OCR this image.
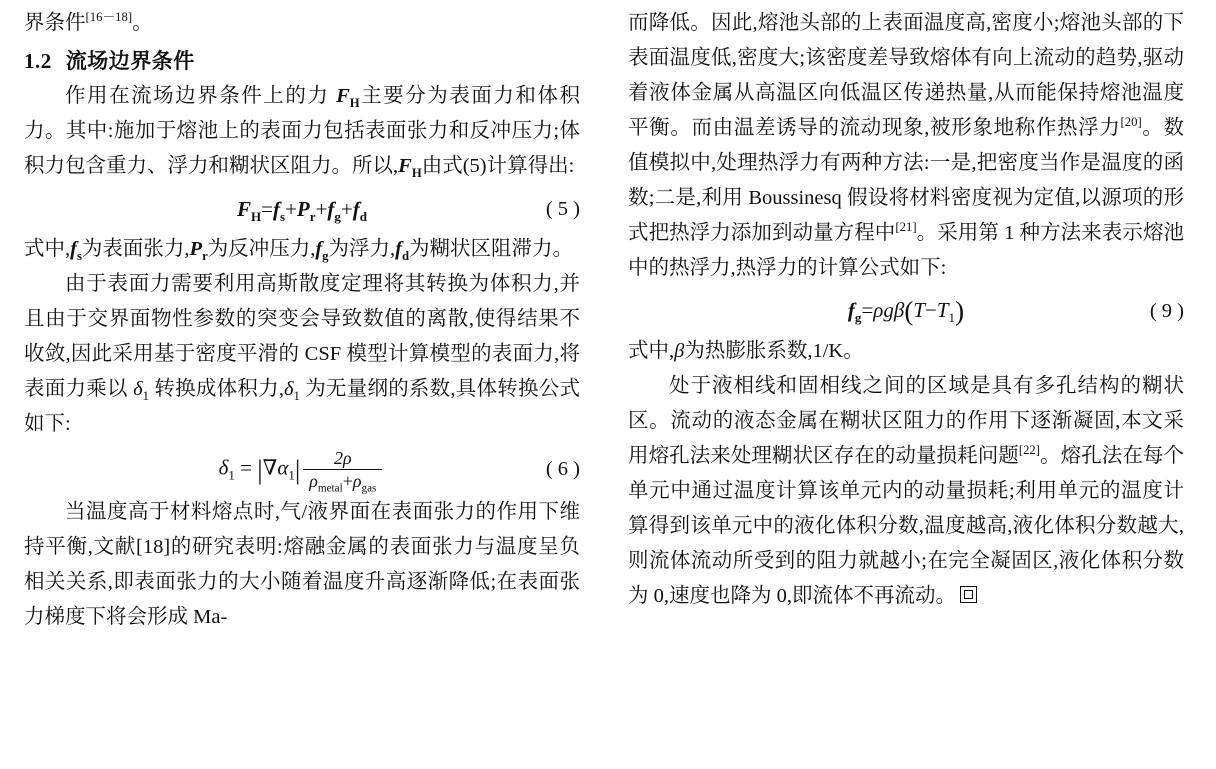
界条件[16－18]。

1.2 流场边界条件

作用在流场边界条件上的力 $F_H$主要分为表面力和体积力。其中:施加于熔池上的表面力包括表面张力和反冲压力;体积力包含重力、浮力和糊状区阻力。所以$,F_H$由式(5)计算得出:

$F_H=f_s+P_r+f_g+f_d$	( 5 )

式中$,f_s$为表面张力$,P_r$为反冲压力$,f_g$为浮力$,f_d$为糊状区阻滞力。

由于表面力需要利用高斯散度定理将其转换为体积力,并且由于交界面物性参数的突变会导致数值的离散,使得结果不收敛,因此采用基于密度平滑的 CSF 模型计算模型的表面力,将表面力乘以 $\delta_1$ 转换成体积力$,\delta_1$ 为无量纲的系数,具体转换公式如下:

$\delta_1 = |\nabla\alpha_1| \frac{2\rho}{\rho_{metal}+\rho_{gas}}$	( 6 )

当温度高于材料熔点时,气/液界面在表面张力的作用下维持平衡,文献[18]的研究表明:熔融金属的表面张力与温度呈负相关关系,即表面张力的大小随着温度升高逐渐降低;在表面张力梯度下将会形成 Ma-

而降低。因此,熔池头部的上表面温度高,密度小;熔池头部的下表面温度低,密度大;该密度差导致熔体有向上流动的趋势,驱动着液体金属从高温区向低温区传递热量,从而能保持熔池温度平衡。而由温差诱导的流动现象,被形象地称作热浮力[20]。数值模拟中,处理热浮力有两种方法:一是,把密度当作是温度的函数;二是,利用 Boussinesq 假设将材料密度视为定值,以源项的形式把热浮力添加到动量方程中[21]。采用第 1 种方法来表示熔池中的热浮力,热浮力的计算公式如下:

$f_g=\rho g\beta(T-T_1)$	( 9 )

式中,β为热膨胀系数,1/K。

处于液相线和固相线之间的区域是具有多孔结构的糊状区。流动的液态金属在糊状区阻力的作用下逐渐凝固,本文采用熔孔法来处理糊状区存在的动量损耗问题[22]。熔孔法在每个单元中通过温度计算该单元内的动量损耗;利用单元的温度计算得到该单元中的液化体积分数,温度越高,液化体积分数越大,则流体流动所受到的阻力就越小;在完全凝固区,液化体积分数为 0,速度也降为 0,即流体不再流动。
